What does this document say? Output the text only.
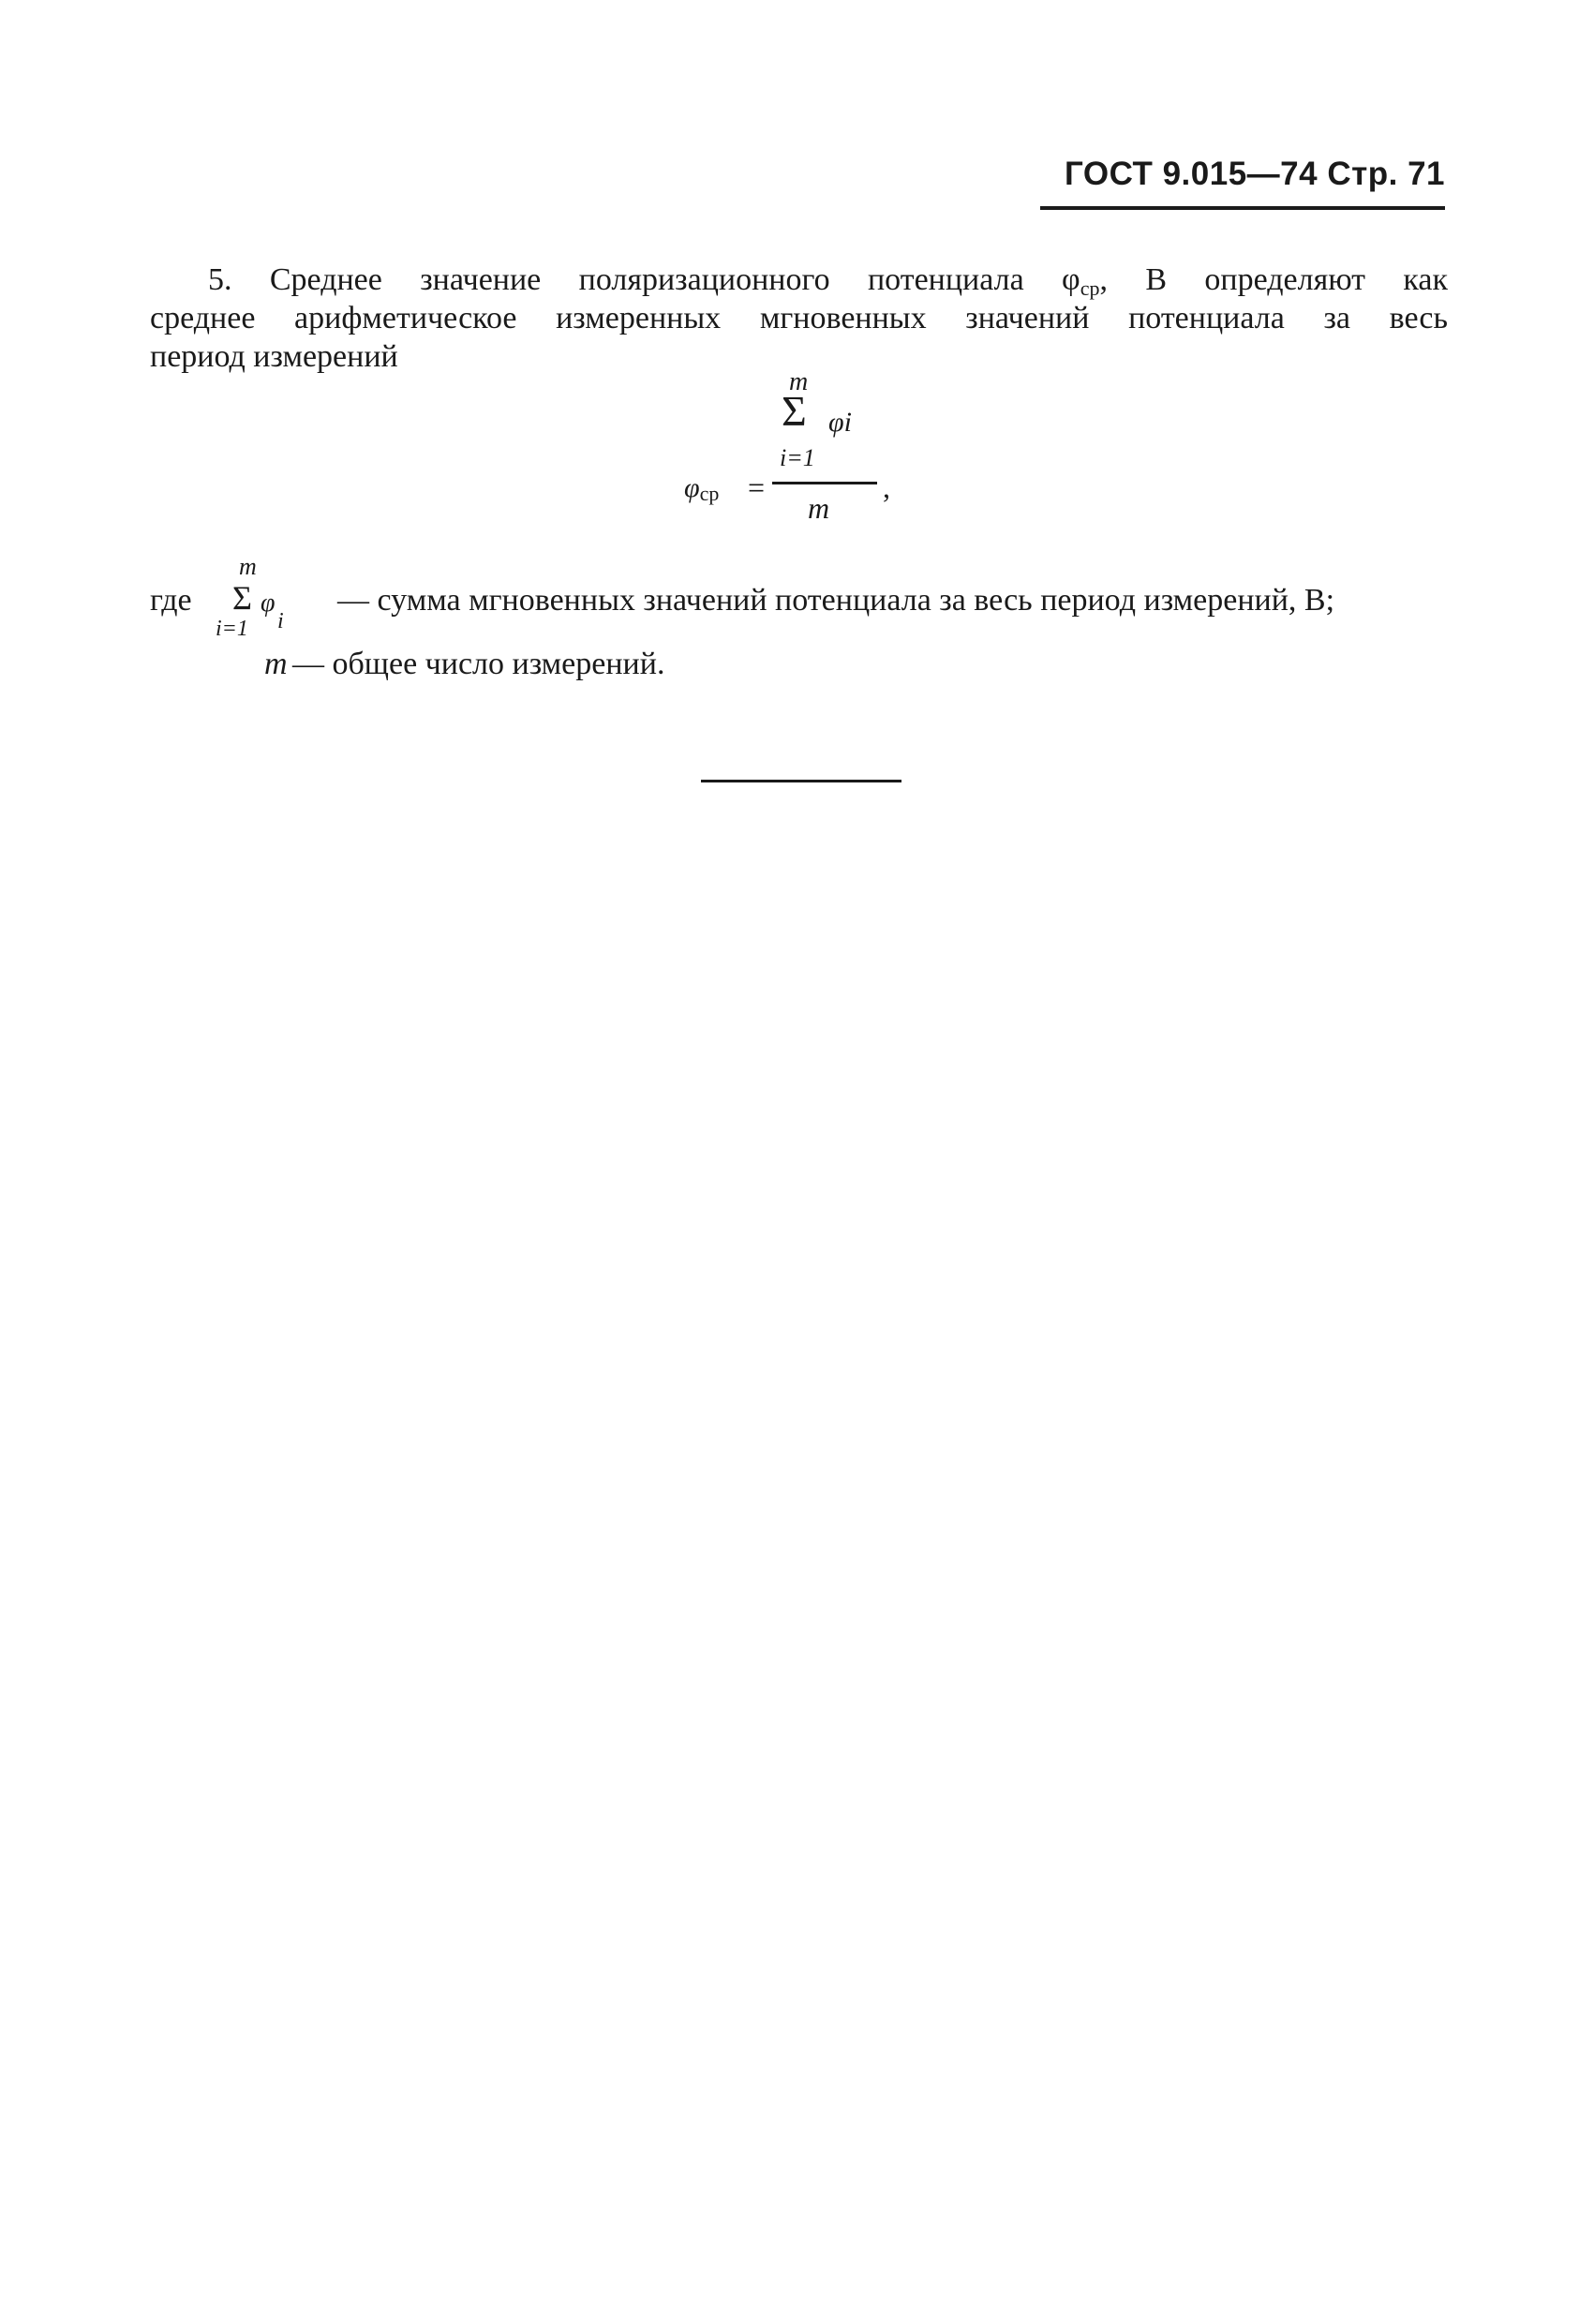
ГОСТ 9.015—74 Стр. 71
5. Среднее значение поляризационного потенциала φср, В определяют как
среднее арифметическое измеренных мгновенных значений потенциала за весь
период измерений
φср =
m
Σ φi
i=1
m
,
где
m
Σ φ
i
i=1
— сумма мгновенных значений потенциала за весь период измерений, В;
m — общее число измерений.
